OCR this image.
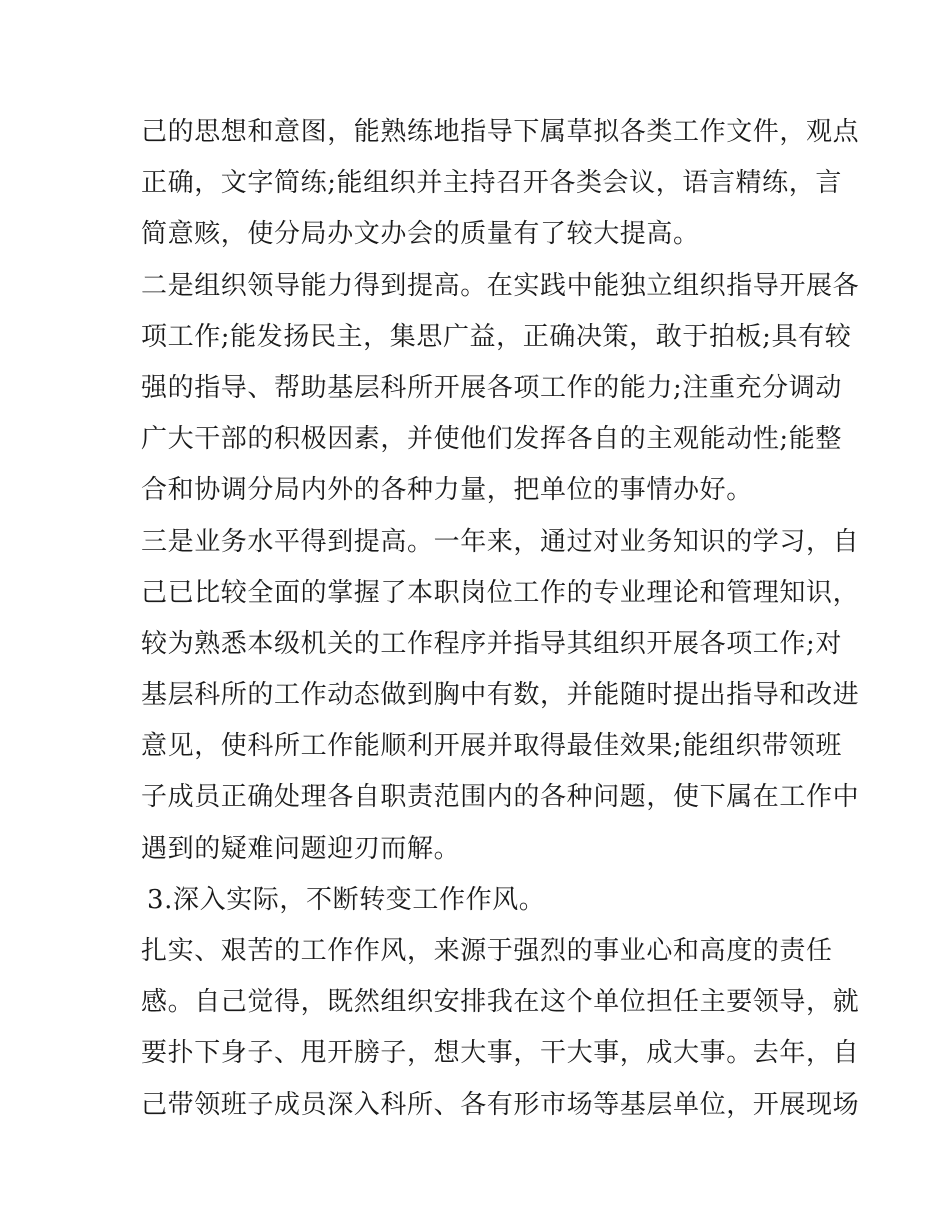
己的思想和意图，能熟练地指导下属草拟各类工作文件，观点
正确，文字简练;能组织并主持召开各类会议，语言精练，言
简意赅，使分局办文办会的质量有了较大提高。
二是组织领导能力得到提高。在实践中能独立组织指导开展各
项工作;能发扬民主，集思广益，正确决策，敢于拍板;具有较
强的指导、帮助基层科所开展各项工作的能力;注重充分调动
广大干部的积极因素，并使他们发挥各自的主观能动性;能整
合和协调分局内外的各种力量，把单位的事情办好。
三是业务水平得到提高。一年来，通过对业务知识的学习，自
己已比较全面的掌握了本职岗位工作的专业理论和管理知识，
较为熟悉本级机关的工作程序并指导其组织开展各项工作;对
基层科所的工作动态做到胸中有数，并能随时提出指导和改进
意见，使科所工作能顺利开展并取得最佳效果;能组织带领班
子成员正确处理各自职责范围内的各种问题，使下属在工作中
遇到的疑难问题迎刃而解。
3.深入实际，不断转变工作作风。
扎实、艰苦的工作作风，来源于强烈的事业心和高度的责任
感。自己觉得，既然组织安排我在这个单位担任主要领导，就
要扑下身子、甩开膀子，想大事，干大事，成大事。去年，自
己带领班子成员深入科所、各有形市场等基层单位，开展现场
